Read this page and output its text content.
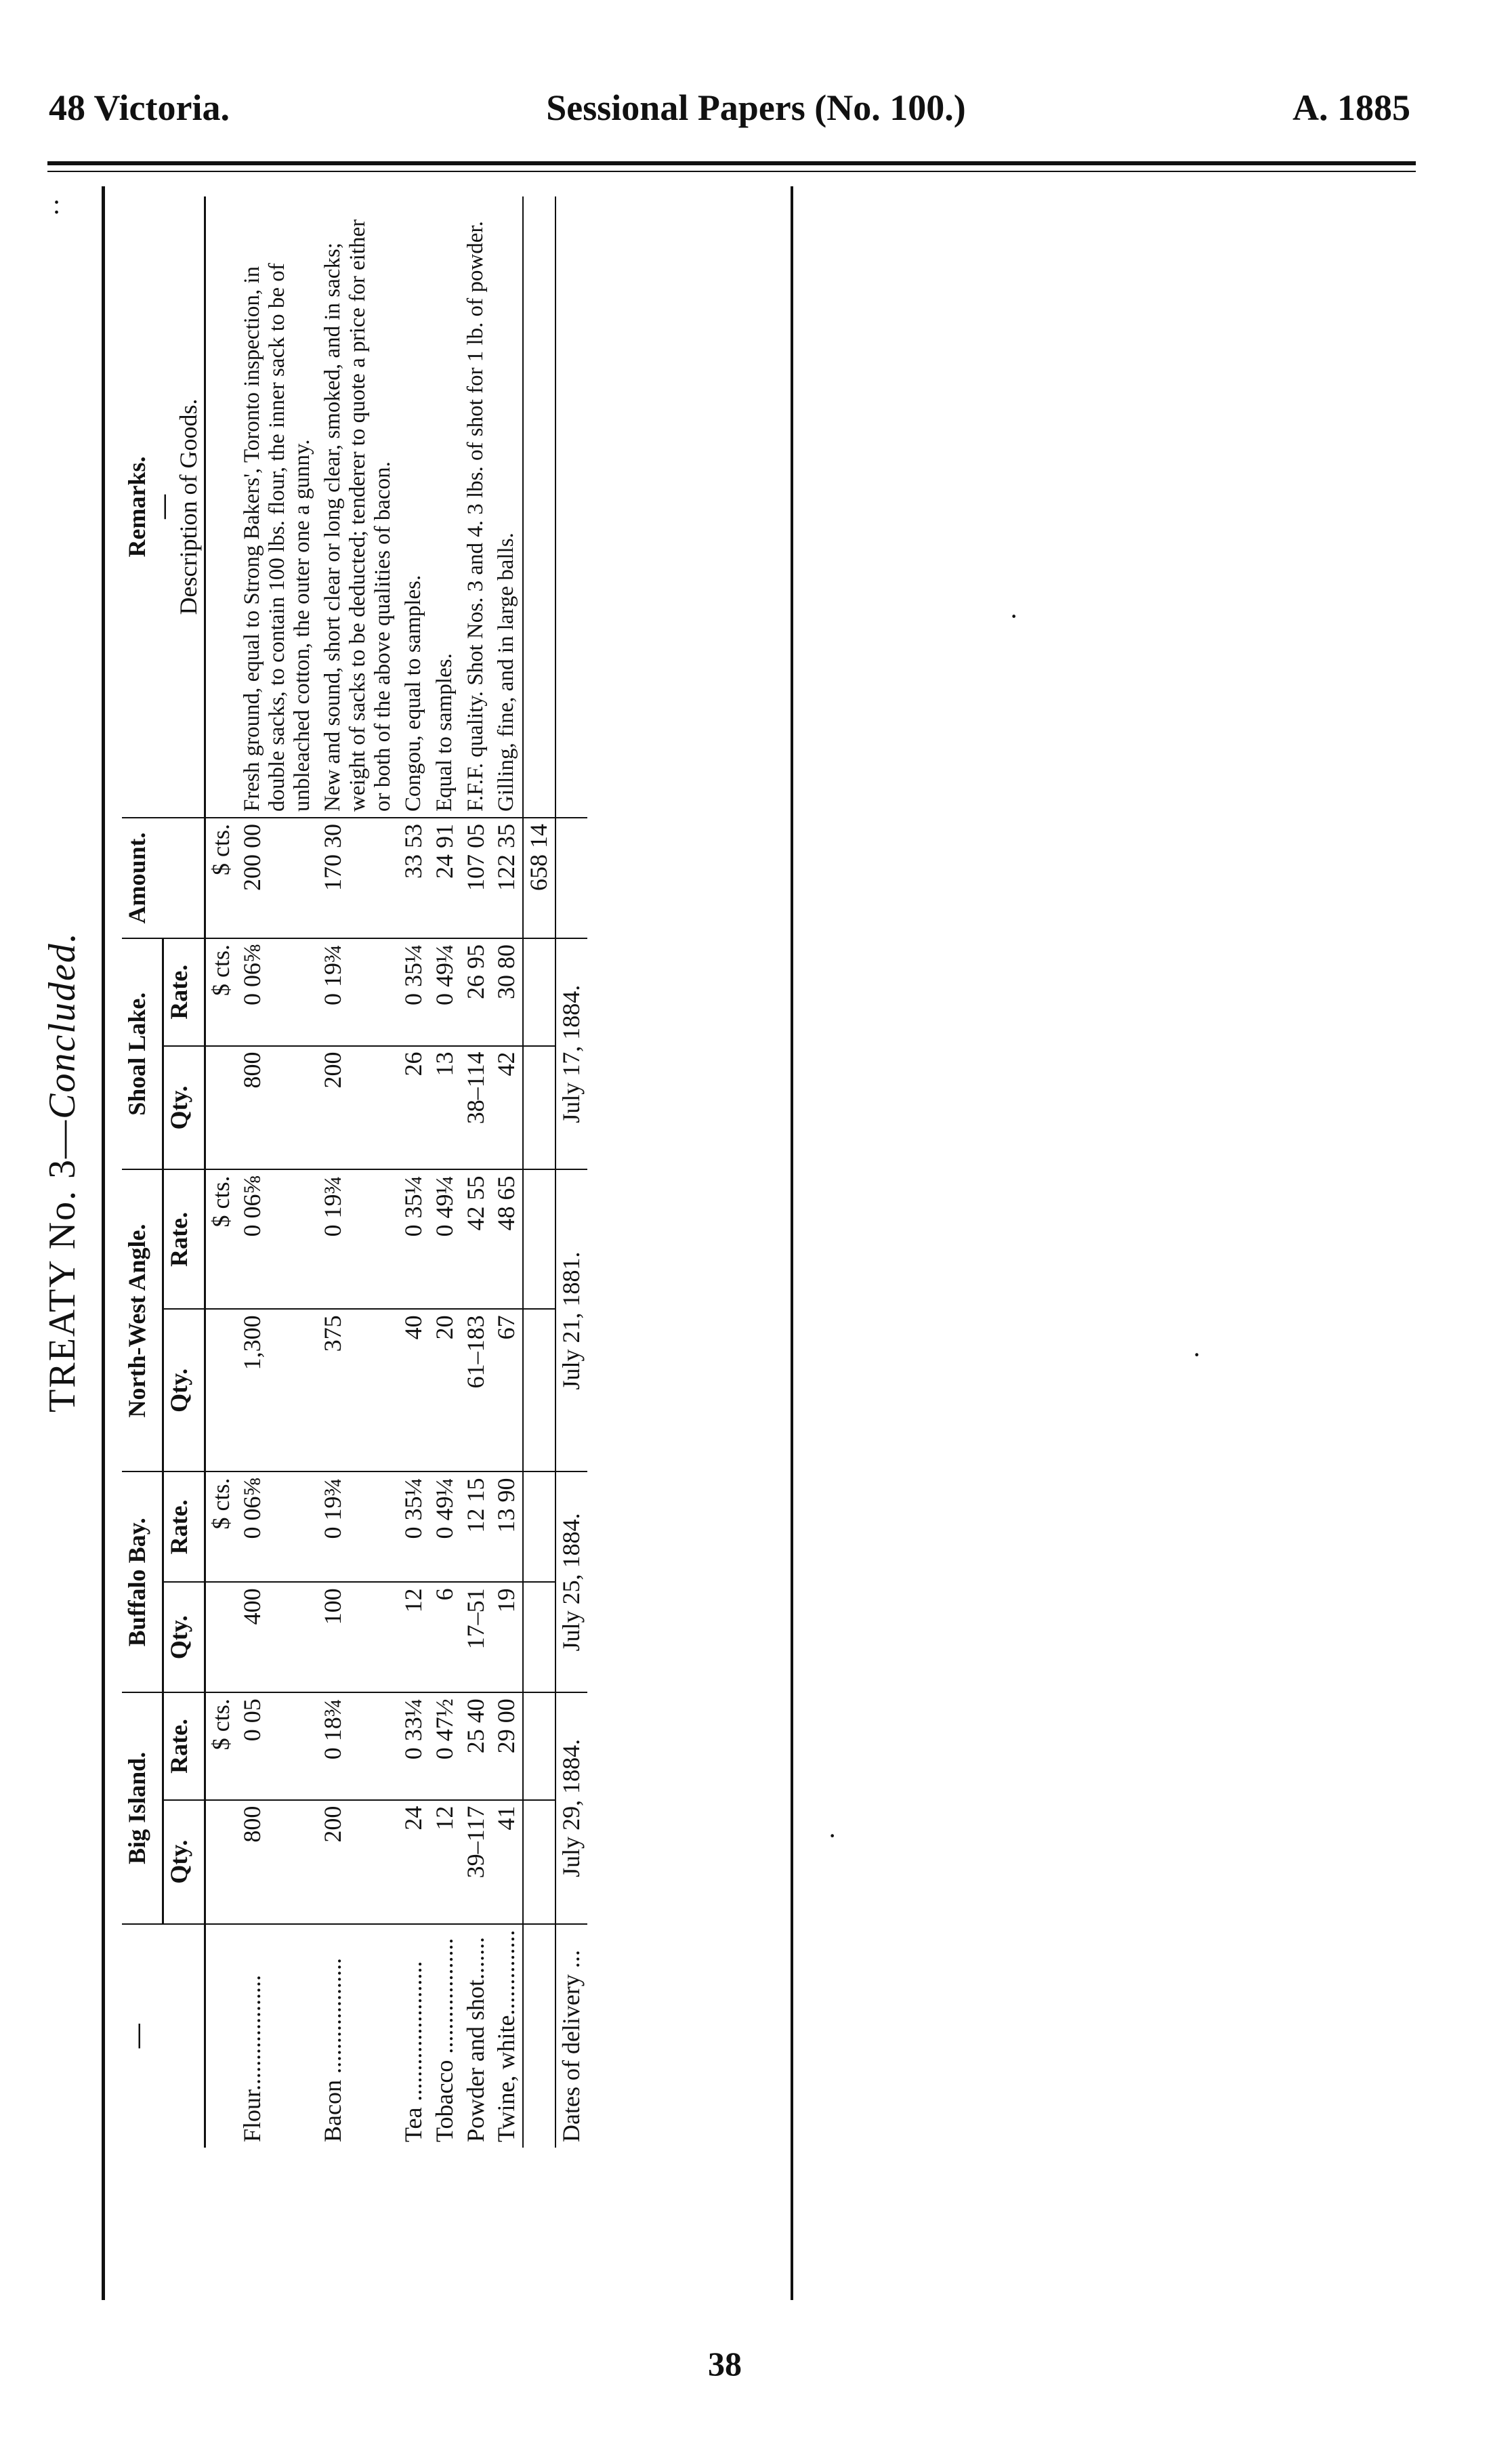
48 Victoria.	Sessional Papers (No. 100.)	A. 1885
:
·
·
·
TREATY No. 3—Concluded.
—	Big Island.		Buffalo Bay.		North-West Angle.		Shoal Lake.		Amount.	Remarks.
—
Description of Goods.

	Qty.	Rate.	Qty.	Rate.	Qty.	Rate.	Qty.	Rate.		
		$ cts.		$ cts.		$ cts.		$ cts.	$ cts.	
Flour...................	800	0 05	400	0 06⅝	1,300	0 06⅝	800	0 06⅝	200 00	Fresh ground, equal to Strong Bakers', Toronto inspection, in double sacks, to contain 100 lbs. flour, the inner sack to be of unbleached cotton, the outer one a gunny.
Bacon ...................	200	0 18¾	100	0 19¾	375	0 19¾	200	0 19¾	170 30	New and sound, short clear or long clear, smoked, and in sacks; weight of sacks to be deducted; tenderer to quote a price for either or both of the above qualities of bacon.
Tea .......................	24	0 33¼	12	0 35¼	40	0 35¼	26	0 35¼	33 53	Congou, equal to samples.
Tobacco ...................	12	0 47½	6	0 49¼	20	0 49¼	13	0 49¼	24 91	Equal to samples.
Powder and shot.......	39–117	25 40	17–51	12 15	61–183	42 55	38–114	26 95	107 05	F.F.F. quality. Shot Nos. 3 and 4. 3 lbs. of shot for 1 lb. of powder.
Twine, white..............	41	29 00	19	13 90	67	48 65	42	30 80	122 35	Gilling, fine, and in large balls.
									658 14	
Dates of delivery ...	July 29, 1884.		July 25, 1884.		July 21, 1881.		July 17, 1884.			
38
